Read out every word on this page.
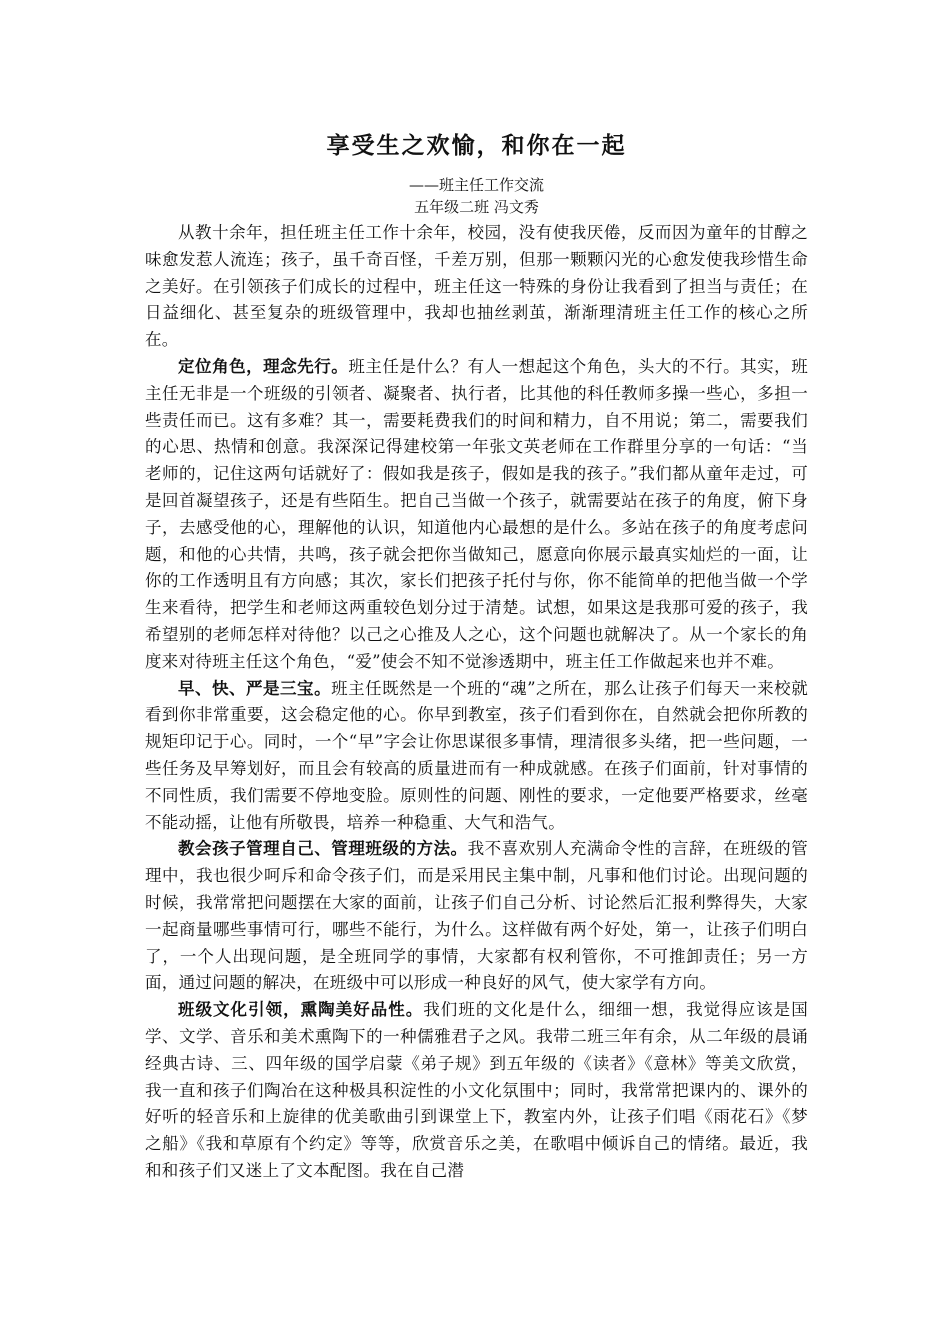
享受生之欢愉，和你在一起
——班主任工作交流
五年级二班 冯文秀

从教十余年，担任班主任工作十余年，校园，没有使我厌倦，反而因为童年的甘醇之味愈发惹人流连；孩子，虽千奇百怪，千差万别，但那一颗颗闪光的心愈发使我珍惜生命之美好。在引领孩子们成长的过程中，班主任这一特殊的身份让我看到了担当与责任；在日益细化、甚至复杂的班级管理中，我却也抽丝剥茧，渐渐理清班主任工作的核心之所在。

定位角色，理念先行。班主任是什么？有人一想起这个角色，头大的不行。其实，班主任无非是一个班级的引领者、凝聚者、执行者，比其他的科任教师多操一些心，多担一些责任而已。这有多难？其一，需要耗费我们的时间和精力，自不用说；第二，需要我们的心思、热情和创意。我深深记得建校第一年张文英老师在工作群里分享的一句话：“当老师的，记住这两句话就好了：假如我是孩子，假如是我的孩子。”我们都从童年走过，可是回首凝望孩子，还是有些陌生。把自己当做一个孩子，就需要站在孩子的角度，俯下身子，去感受他的心，理解他的认识，知道他内心最想的是什么。多站在孩子的角度考虑问题，和他的心共情，共鸣，孩子就会把你当做知己，愿意向你展示最真实灿烂的一面，让你的工作透明且有方向感；其次，家长们把孩子托付与你，你不能简单的把他当做一个学生来看待，把学生和老师这两重较色划分过于清楚。试想，如果这是我那可爱的孩子，我希望别的老师怎样对待他？以己之心推及人之心，这个问题也就解决了。从一个家长的角度来对待班主任这个角色，“爱”使会不知不觉渗透期中，班主任工作做起来也并不难。

早、快、严是三宝。班主任既然是一个班的“魂”之所在，那么让孩子们每天一来校就看到你非常重要，这会稳定他的心。你早到教室，孩子们看到你在，自然就会把你所教的规矩印记于心。同时，一个“早”字会让你思谋很多事情，理清很多头绪，把一些问题，一些任务及早筹划好，而且会有较高的质量进而有一种成就感。在孩子们面前，针对事情的不同性质，我们需要不停地变脸。原则性的问题、刚性的要求，一定他要严格要求，丝毫不能动摇，让他有所敬畏，培养一种稳重、大气和浩气。

教会孩子管理自己、管理班级的方法。我不喜欢别人充满命令性的言辞，在班级的管理中，我也很少呵斥和命令孩子们，而是采用民主集中制，凡事和他们讨论。出现问题的时候，我常常把问题摆在大家的面前，让孩子们自己分析、讨论然后汇报利弊得失，大家一起商量哪些事情可行，哪些不能行，为什么。这样做有两个好处，第一，让孩子们明白了，一个人出现问题，是全班同学的事情，大家都有权利管你，不可推卸责任；另一方面，通过问题的解决，在班级中可以形成一种良好的风气，使大家学有方向。

班级文化引领，熏陶美好品性。我们班的文化是什么，细细一想，我觉得应该是国学、文学、音乐和美术熏陶下的一种儒雅君子之风。我带二班三年有余，从二年级的晨诵经典古诗、三、四年级的国学启蒙《弟子规》到五年级的《读者》《意林》等美文欣赏，我一直和孩子们陶冶在这种极具积淀性的小文化氛围中；同时，我常常把课内的、课外的好听的轻音乐和上旋律的优美歌曲引到课堂上下，教室内外，让孩子们唱《雨花石》《梦之船》《我和草原有个约定》等等，欣赏音乐之美，在歌唱中倾诉自己的情绪。最近，我和和孩子们又迷上了文本配图。我在自己潜
